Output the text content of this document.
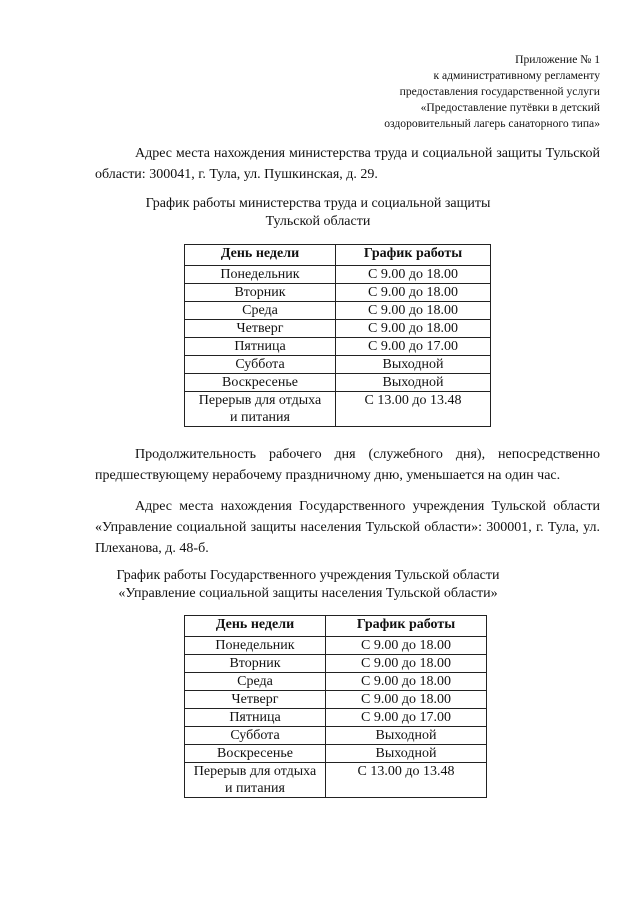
Приложение № 1
к административному регламенту
предоставления государственной услуги
«Предоставление путёвки в детский
оздоровительный лагерь санаторного типа»

Адрес места нахождения министерства труда и социальной защиты Тульской области: 300041, г. Тула, ул. Пушкинская, д. 29.

График работы министерства труда и социальной защиты
Тульской области
День недели	График работы
Понедельник	С 9.00 до 18.00
Вторник	С 9.00 до 18.00
Среда	С 9.00 до 18.00
Четверг	С 9.00 до 18.00
Пятница	С 9.00 до 17.00
Суббота	Выходной
Воскресенье	Выходной

Перерыв для отдыха
и питания	С 13.00 до 13.48

Продолжительность рабочего дня (служебного дня), непосредственно предшествующему нерабочему праздничному дню, уменьшается на один час.

Адрес места нахождения Государственного учреждения Тульской области «Управление социальной защиты населения Тульской области»: 300001, г. Тула, ул. Плеханова, д. 48-б.

График работы Государственного учреждения Тульской области
«Управление социальной защиты населения Тульской области»
День недели	График работы
Понедельник	С 9.00 до 18.00
Вторник	С 9.00 до 18.00
Среда	С 9.00 до 18.00
Четверг	С 9.00 до 18.00
Пятница	С 9.00 до 17.00
Суббота	Выходной
Воскресенье	Выходной

Перерыв для отдыха
и питания	С 13.00 до 13.48
